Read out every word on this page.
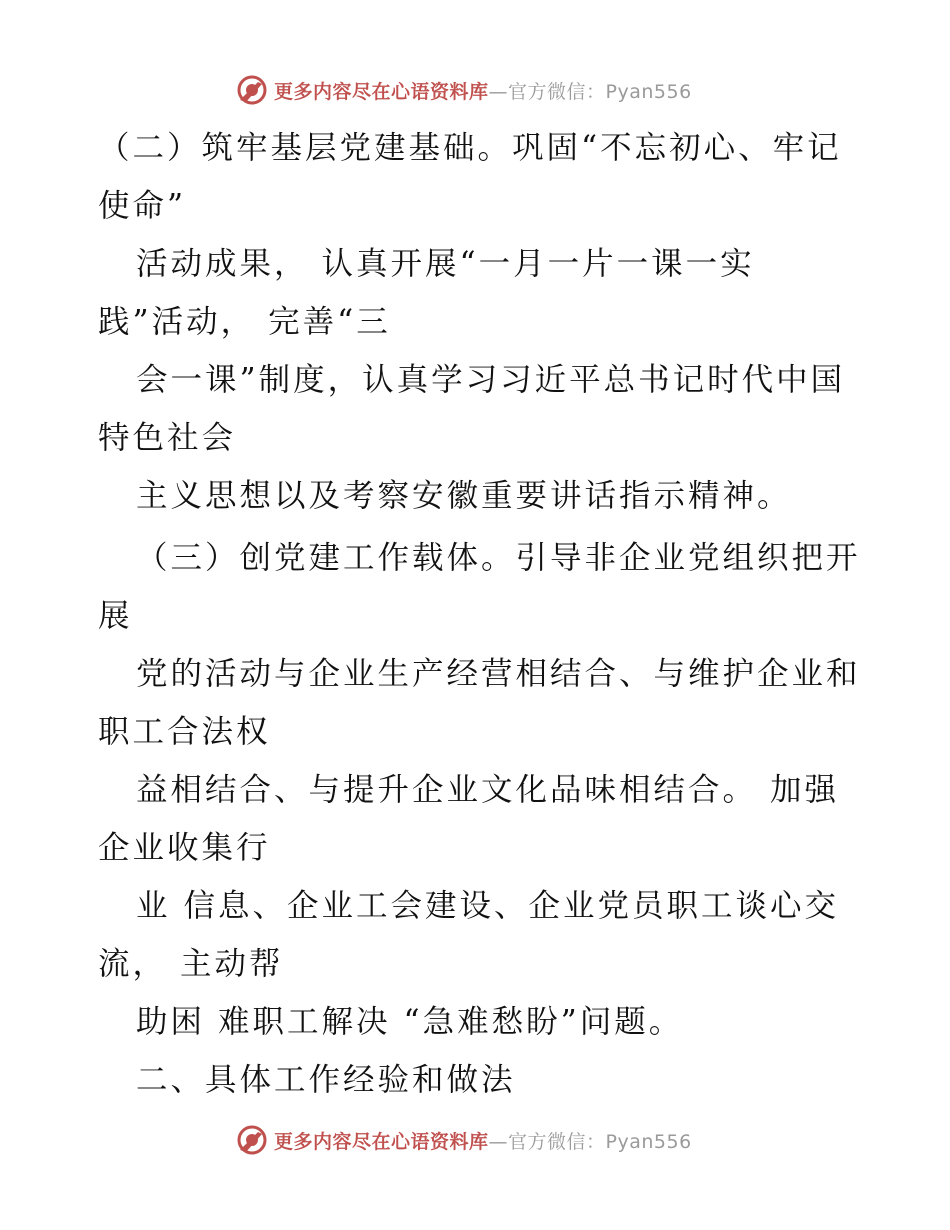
更多内容尽在心语资料库—官方微信：Pyan556
（二）筑牢基层党建基础。巩固“不忘初心、牢记
使命”
活动成果， 认真开展“一月一片一课一实
践”活动， 完善“三
会一课”制度，认真学习习近平总书记时代中国
特色社会
主义思想以及考察安徽重要讲话指示精神。
（三）创党建工作载体。引导非企业党组织把开
展
党的活动与企业生产经营相结合、与维护企业和
职工合法权
益相结合、与提升企业文化品味相结合。 加强
企业收集行
业 信息、企业工会建设、企业党员职工谈心交
流， 主动帮
助困 难职工解决 “急难愁盼”问题。
二、具体工作经验和做法
更多内容尽在心语资料库—官方微信：Pyan556
